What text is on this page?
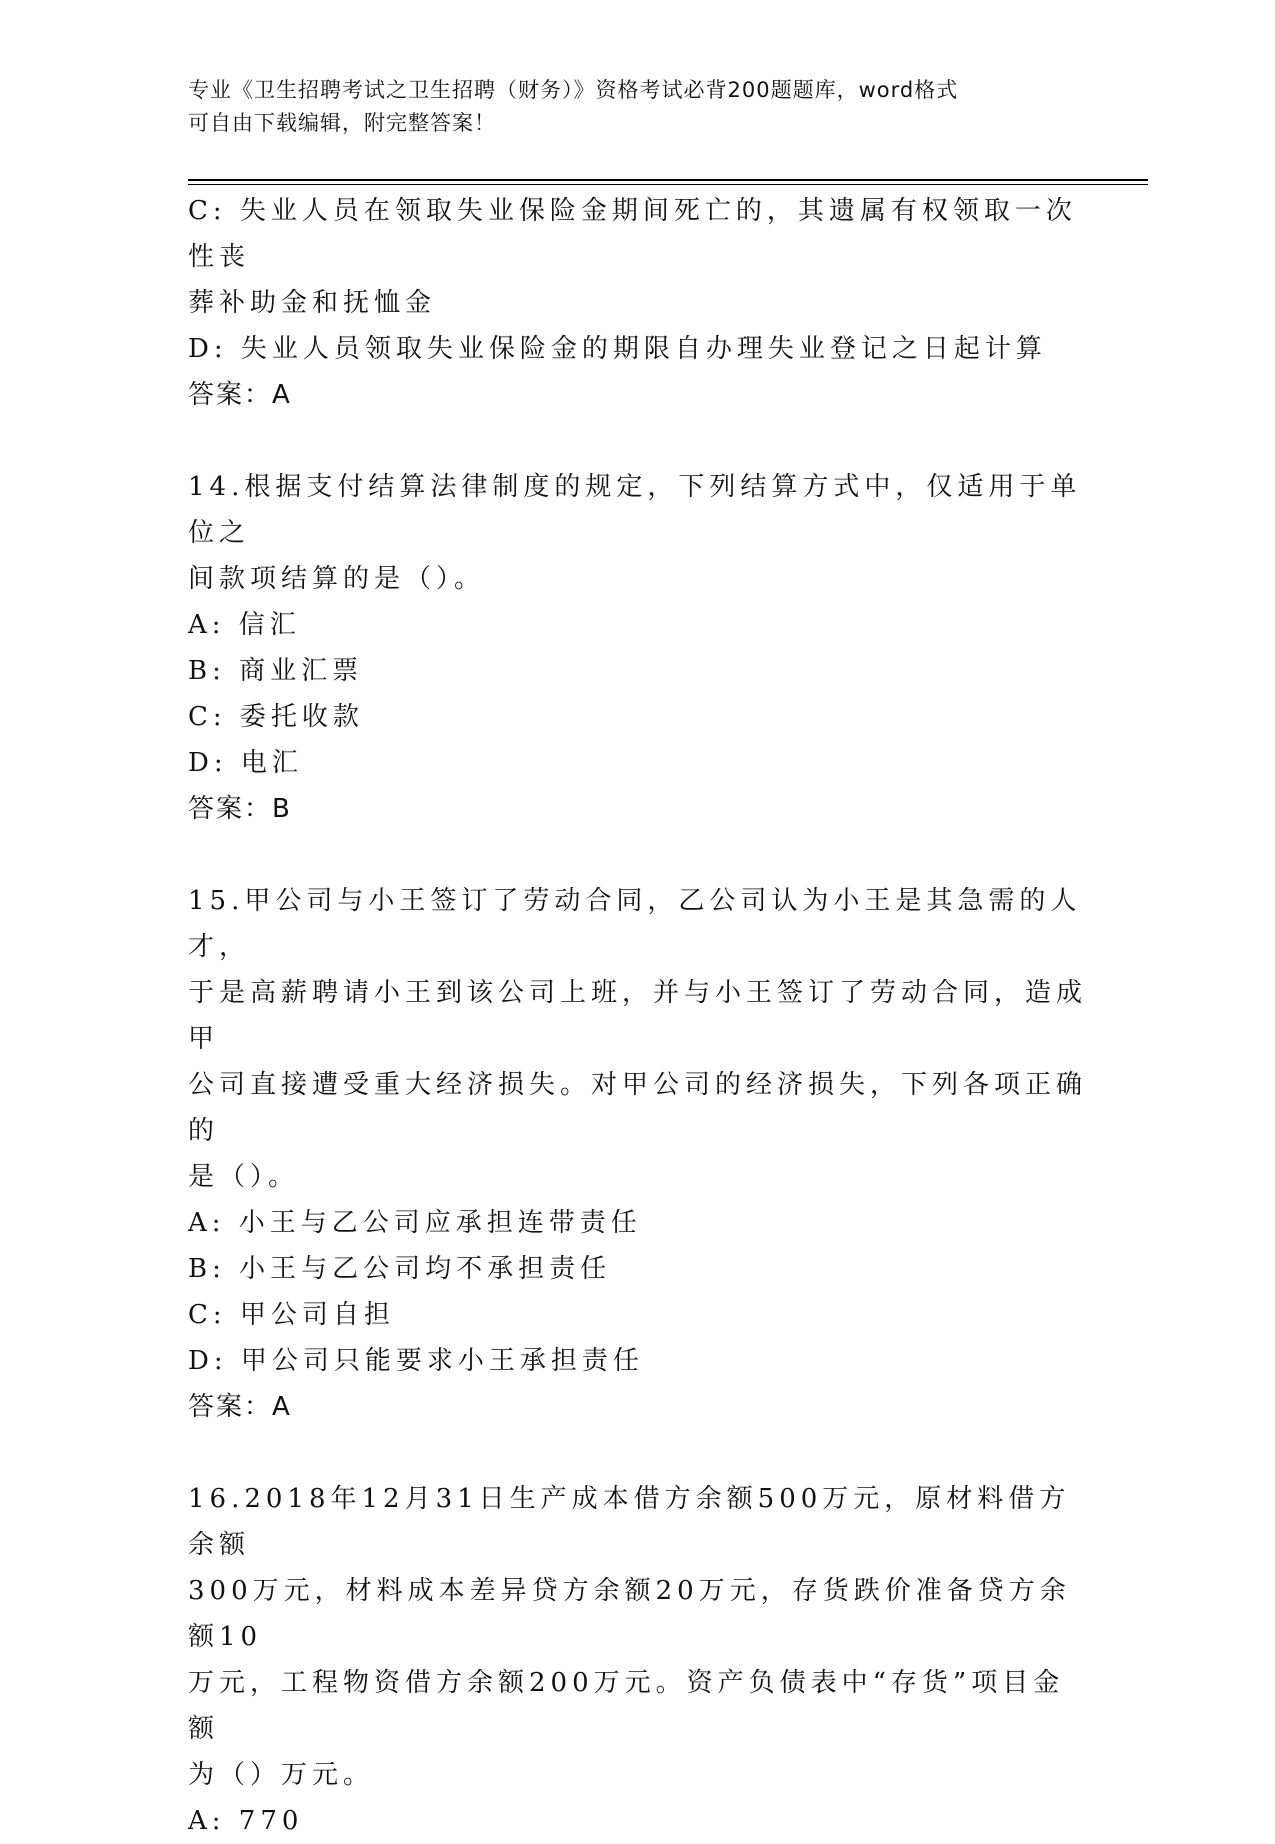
专业《卫生招聘考试之卫生招聘（财务）》资格考试必背200题题库，word格式
可自由下载编辑，附完整答案！

C: 失业人员在领取失业保险金期间死亡的，其遗属有权领取一次性丧

葬补助金和抚恤金

D: 失业人员领取失业保险金的期限自办理失业登记之日起计算

答案：A

14.根据支付结算法律制度的规定，下列结算方式中，仅适用于单位之

间款项结算的是（）。

A: 信汇

B: 商业汇票

C: 委托收款

D: 电汇

答案：B

15.甲公司与小王签订了劳动合同，乙公司认为小王是其急需的人才，

于是高薪聘请小王到该公司上班，并与小王签订了劳动合同，造成甲

公司直接遭受重大经济损失。对甲公司的经济损失，下列各项正确的

是（）。

A: 小王与乙公司应承担连带责任

B: 小王与乙公司均不承担责任

C: 甲公司自担

D: 甲公司只能要求小王承担责任

答案：A

16.2018年12月31日生产成本借方余额500万元，原材料借方余额

300万元，材料成本差异贷方余额20万元，存货跌价准备贷方余额10

万元，工程物资借方余额200万元。资产负债表中“存货”项目金额

为（）万元。

A: 770
